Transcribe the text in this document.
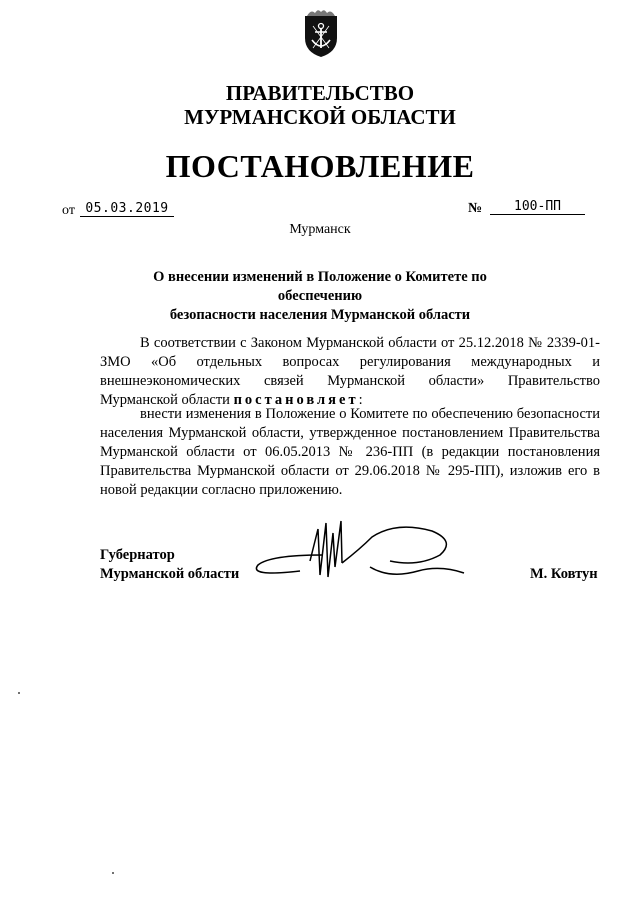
ПРАВИТЕЛЬСТВО
МУРМАНСКОЙ ОБЛАСТИ
ПОСТАНОВЛЕНИЕ
от 05.03.2019	№	100-ПП
Мурманск
О внесении изменений в Положение о Комитете по обеспечению
безопасности населения Мурманской области
В соответствии с Законом Мурманской области от 25.12.2018 № 2339-01-ЗМО «Об отдельных вопросах регулирования международных и внешнеэкономических связей Мурманской области» Правительство Мурманской области постановляет:
внести изменения в Положение о Комитете по обеспечению безопасности населения Мурманской области, утвержденное постановлением Правительства Мурманской области от 06.05.2013 № 236-ПП (в редакции постановления Правительства Мурманской области от 29.06.2018 № 295-ПП), изложив его в новой редакции согласно приложению.
Губернатор
Мурманской области	М. Ковтун
